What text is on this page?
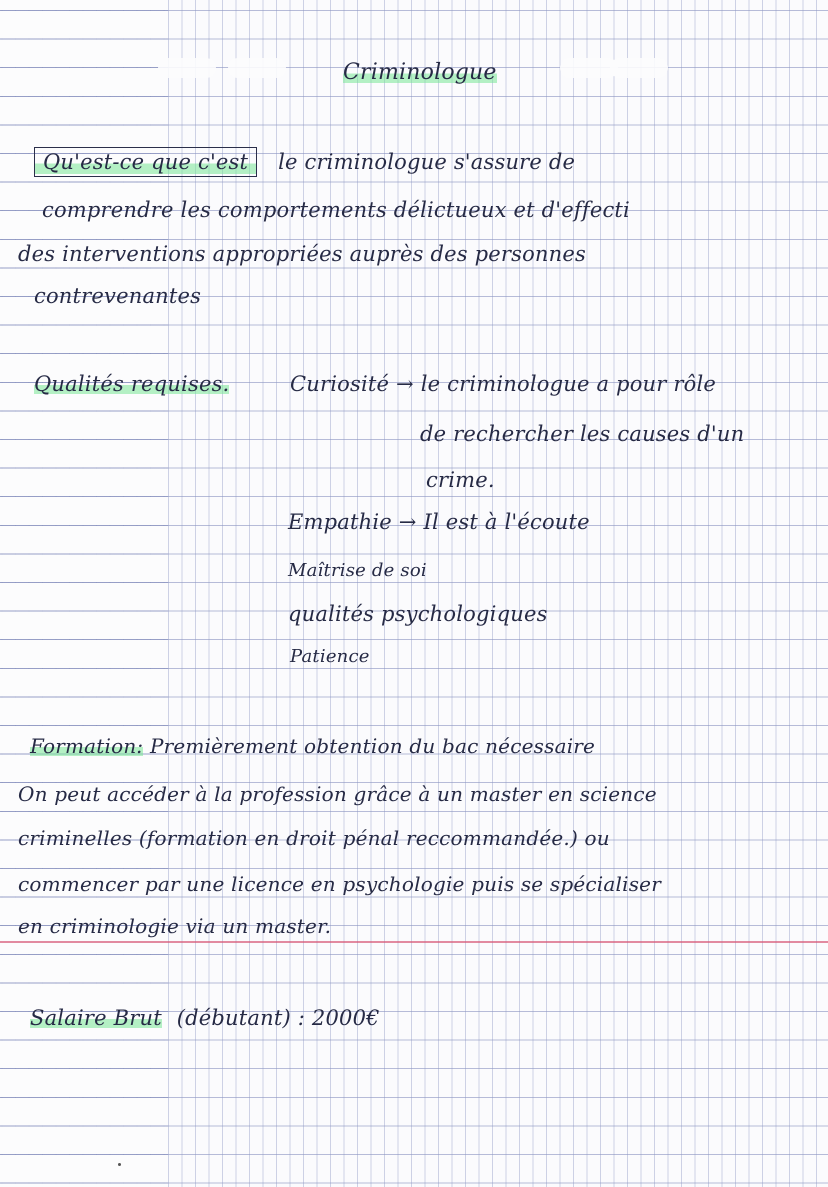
Criminologue
Qu'est-ce que c'est le criminologue s'assure de
comprendre les comportements délictueux et d'effecti
des interventions appropriées auprès des personnes
contrevenantes
Qualités requises.	Curiosité → le criminologue a pour rôle
de rechercher les causes d'un
crime.
Empathie → Il est à l'écoute
Maîtrise de soi
qualités psychologiques
Patience
Formation: Premièrement obtention du bac nécessaire
On peut accéder à la profession grâce à un master en science
criminelles (formation en droit pénal reccommandée.) ou
commencer par une licence en psychologie puis se spécialiser
en criminologie via un master.
Salaire Brut (débutant) : 2000€
